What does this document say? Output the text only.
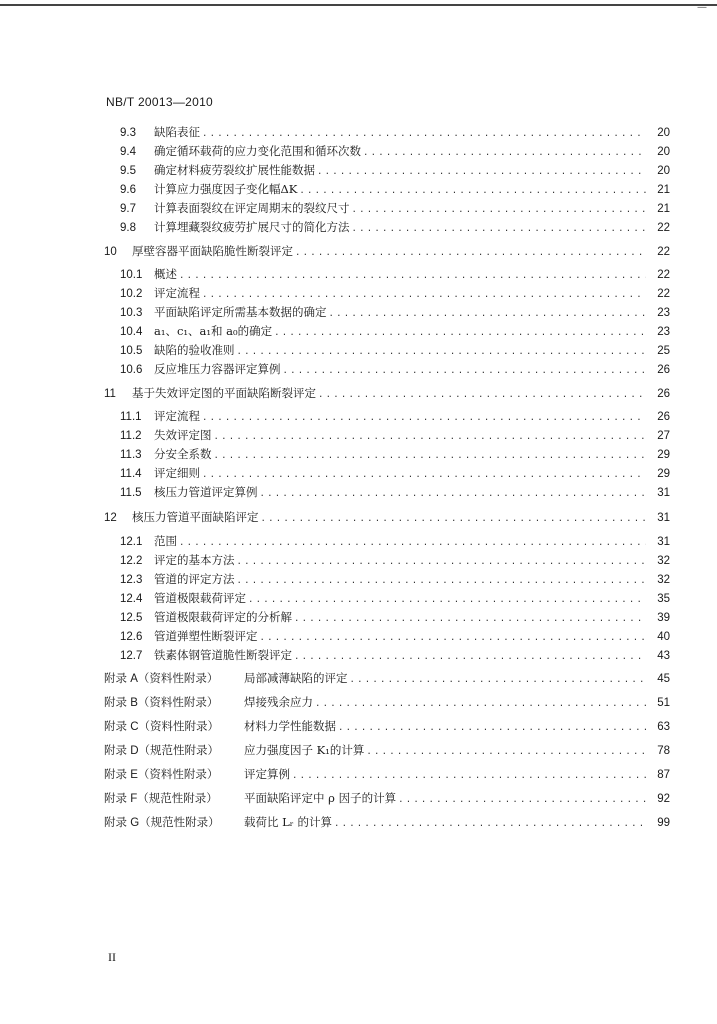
—
NB/T 20013—2010
9.3	缺陷表征 .....	20
9.4	确定循环载荷的应力变化范围和循环次数 .....	20
9.5	确定材料疲劳裂纹扩展性能数据 .....	20
9.6	计算应力强度因子变化幅ΔK .....	21
9.7	计算表面裂纹在评定周期末的裂纹尺寸 .....	21
9.8	计算埋藏裂纹疲劳扩展尺寸的简化方法 .....	22
10	厚壁容器平面缺陷脆性断裂评定 .....	22
10.1	概述 .....	22
10.2	评定流程 .....	22
10.3	平面缺陷评定所需基本数据的确定 .....	23
10.4	a₁、c₁、a₁和 a₀的确定 .....	23
10.5	缺陷的验收准则 .....	25
10.6	反应堆压力容器评定算例 .....	26
11	基于失效评定图的平面缺陷断裂评定 .....	26
11.1	评定流程 .....	26
11.2	失效评定图 .....	27
11.3	分安全系数 .....	29
11.4	评定细则 .....	29
11.5	核压力管道评定算例 .....	31
12	核压力管道平面缺陷评定 .....	31
12.1	范围 .....	31
12.2	评定的基本方法 .....	32
12.3	管道的评定方法 .....	32
12.4	管道极限载荷评定 .....	35
12.5	管道极限载荷评定的分析解 .....	39
12.6	管道弹塑性断裂评定 .....	40
12.7	铁素体钢管道脆性断裂评定 .....	43
附录 A（资料性附录）	局部减薄缺陷的评定 .....	45
附录 B（资料性附录）	焊接残余应力 .....	51
附录 C（资料性附录）	材料力学性能数据 .....	63
附录 D（规范性附录）	应力强度因子 K₁的计算 .....	78
附录 E（资料性附录）	评定算例 .....	87
附录 F（规范性附录）	平面缺陷评定中 ρ 因子的计算 .....	92
附录 G（规范性附录）	载荷比 Lᵣ 的计算 .....	99
II
